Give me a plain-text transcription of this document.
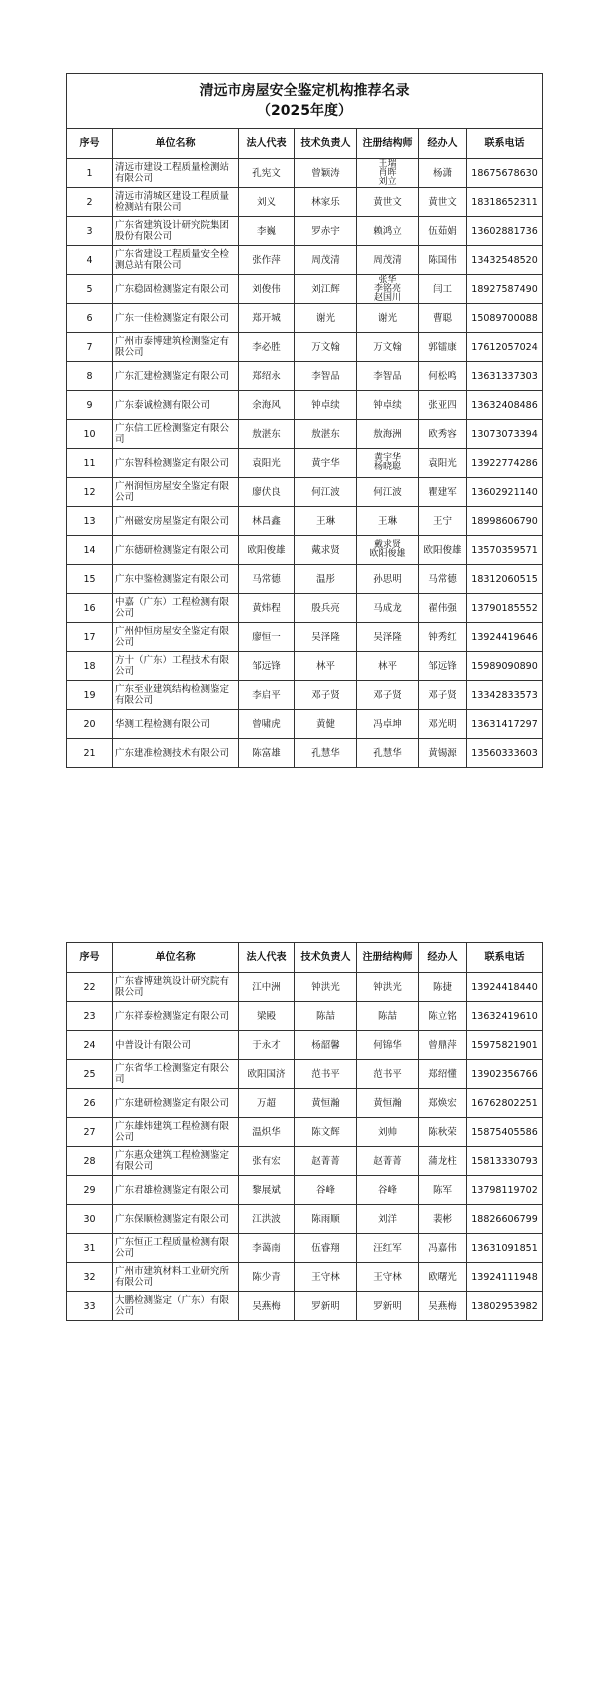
清远市房屋安全鉴定机构推荐名录
（2025年度）						

序号	单位名称	法人代表	技术负责人	注册结构师	经办人	联系电话
1	清远市建设工程质量检测站有限公司	孔宪文	曾颖涛	王瑞
肖晖
刘立	杨潇	18675678630
2	清远市清城区建设工程质量检测站有限公司	刘义	林家乐	黄世文	黄世文	18318652311
3	广东省建筑设计研究院集团股份有限公司	李巍	罗赤宇	赖鸿立	伍茹娟	13602881736
4	广东省建设工程质量安全检测总站有限公司	张作萍	周茂清	周茂清	陈国伟	13432548520
5	广东稳固检测鉴定有限公司	刘俊伟	刘江辉	张华
李铭亮
赵国川	闫工	18927587490
6	广东一佳检测鉴定有限公司	郑开城	谢光	谢光	曹聪	15089700088
7	广州市泰博建筑检测鉴定有限公司	李必胜	万文翰	万文翰	郭镭康	17612057024
8	广东汇建检测鉴定有限公司	郑绍永	李智品	李智品	何松鸣	13631337303
9	广东泰诚检测有限公司	余海风	钟卓续	钟卓续	张亚四	13632408486
10	广东信工匠检测鉴定有限公司	敖湛东	敖湛东	敖海洲	欧秀容	13073073394
11	广东智科检测鉴定有限公司	袁阳光	黄宇华	黄宇华
杨晓聪	袁阳光	13922774286
12	广州润恒房屋安全鉴定有限公司	廖伏良	何江波	何江波	瞿建军	13602921140
13	广州磁安房屋鉴定有限公司	林昌鑫	王琳	王琳	王宁	18998606790
14	广东德研检测鉴定有限公司	欧阳俊雄	戴求贤	戴求贤
欧阳俊雄	欧阳俊雄	13570359571
15	广东中鉴检测鉴定有限公司	马常德	温彤	孙思明	马常德	18312060515
16	中嘉（广东）工程检测有限公司	黄炜程	殷兵亮	马成龙	翟伟强	13790185552
17	广州仲恒房屋安全鉴定有限公司	廖恒一	吴泽隆	吴泽隆	钟秀红	13924419646
18	方十（广东）工程技术有限公司	邹远锋	林平	林平	邹远锋	15989090890
19	广东至业建筑结构检测鉴定有限公司	李启平	邓子贤	邓子贤	邓子贤	13342833573
20	华测工程检测有限公司	曾啸虎	黄健	冯卓坤	邓光明	13631417297
21	广东建准检测技术有限公司	陈富雄	孔慧华	孔慧华	黄锡源	13560333603
序号	单位名称	法人代表	技术负责人	注册结构师	经办人	联系电话
22	广东睿博建筑设计研究院有限公司	江中洲	钟洪光	钟洪光	陈捷	13924418440
23	广东祥泰检测鉴定有限公司	梁殿	陈喆	陈喆	陈立铭	13632419610
24	中普设计有限公司	于永才	杨韶馨	何锦华	曾鼎萍	15975821901
25	广东省华工检测鉴定有限公司	欧阳国济	范书平	范书平	郑绍懂	13902356766
26	广东建研检测鉴定有限公司	万超	黄恒瀚	黄恒瀚	郑焕宏	16762802251
27	广东雄炜建筑工程检测有限公司	温炽华	陈文辉	刘帅	陈秋荣	15875405586
28	广东惠众建筑工程检测鉴定有限公司	张有宏	赵菁菁	赵菁菁	蒲龙柱	15813330793
29	广东君雄检测鉴定有限公司	黎展斌	谷峰	谷峰	陈军	13798119702
30	广东保顺检测鉴定有限公司	江洪波	陈雨顺	刘洋	裴彬	18826606799
31	广东恒正工程质量检测有限公司	李蔼南	伍睿翔	汪红军	冯嘉伟	13631091851
32	广州市建筑材料工业研究所有限公司	陈少青	王守林	王守林	欧曙光	13924111948
33	大鹏检测鉴定（广东）有限公司	吴燕梅	罗新明	罗新明	吴燕梅	13802953982
